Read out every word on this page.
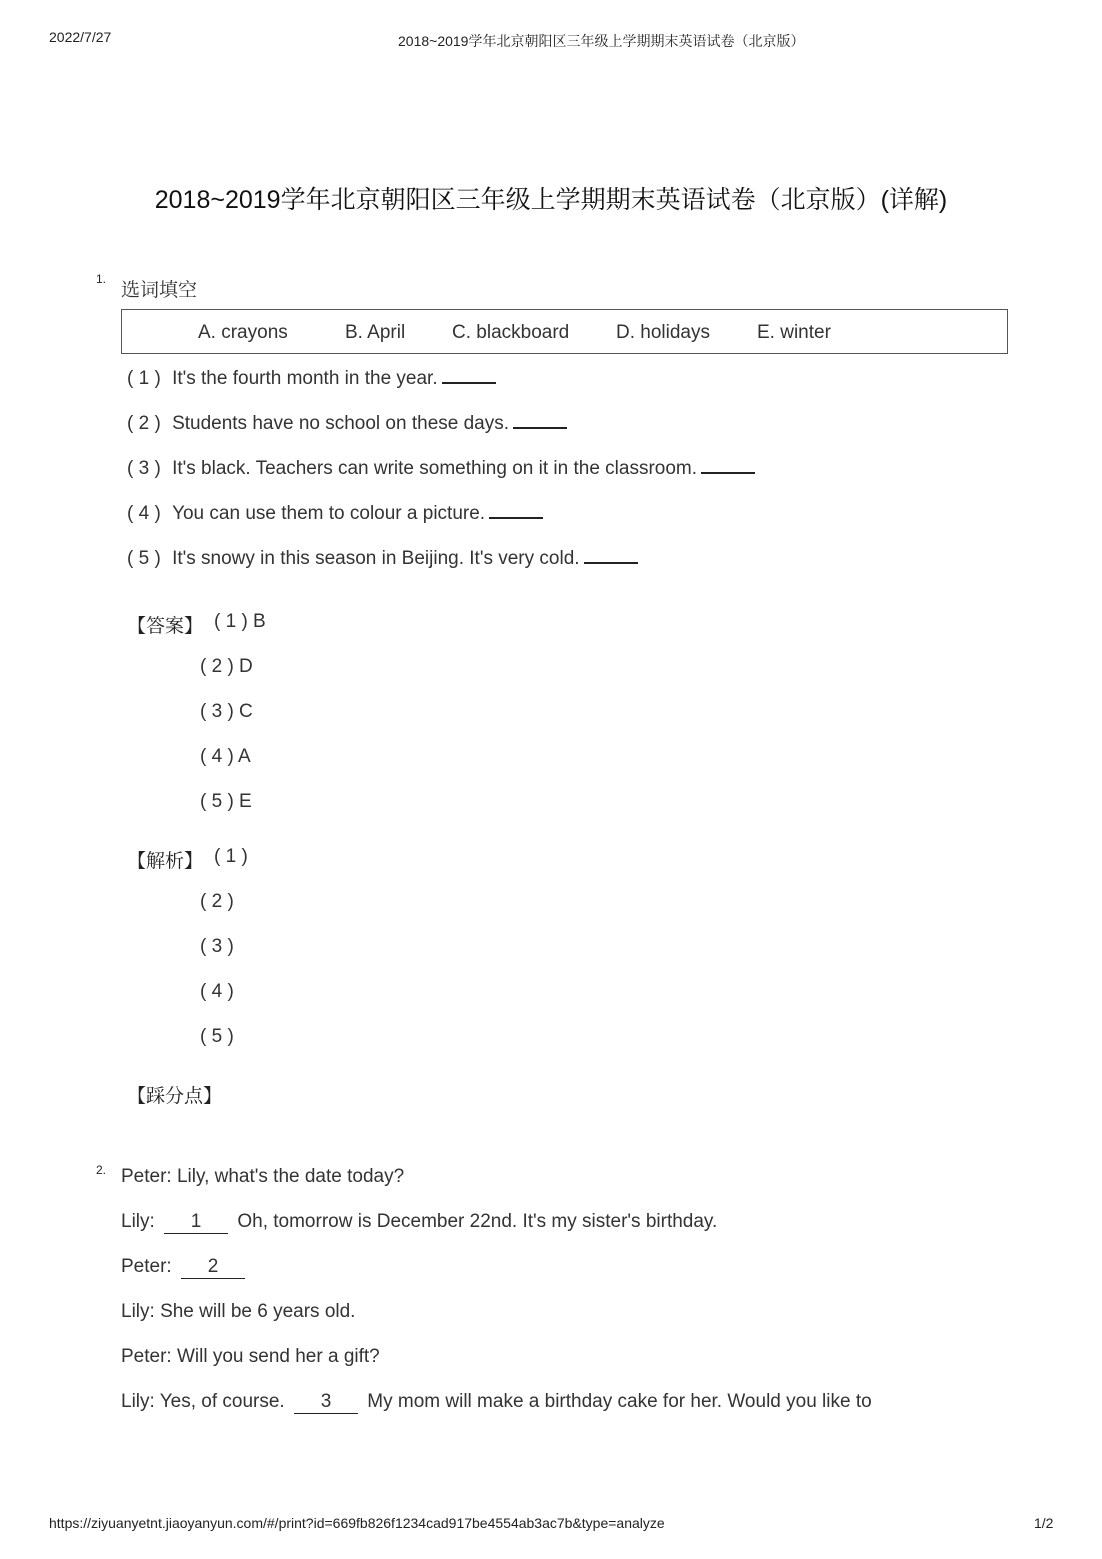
2022/7/27	2018~2019学年北京朝阳区三年级上学期期末英语试卷（北京版）
2018~2019学年北京朝阳区三年级上学期期末英语试卷（北京版）(详解)
1.
选词填空
A. crayons	B. April C. blackboard D. holidays E. winter
( 1 ) It's the fourth month in the year.
( 2 ) Students have no school on these days.
( 3 ) It's black. Teachers can write something on it in the classroom.
( 4 ) You can use them to colour a picture.
( 5 ) It's snowy in this season in Beijing. It's very cold.
【答案】 ( 1 ) B
( 2 ) D
( 3 ) C
( 4 ) A
( 5 ) E
【解析】 ( 1 )
( 2 )
( 3 )
( 4 )
( 5 )
【踩分点】
2. Peter: Lily, what's the date today?
Lily: 1 Oh, tomorrow is December 22nd. It's my sister's birthday.
Peter: 2
Lily: She will be 6 years old.
Peter: Will you send her a gift?
Lily: Yes, of course. 3 My mom will make a birthday cake for her. Would you like to
https://ziyuanyetnt.jiaoyanyun.com/#/print?id=669fb826f1234cad917be4554ab3ac7b&type=analyze	1/2
